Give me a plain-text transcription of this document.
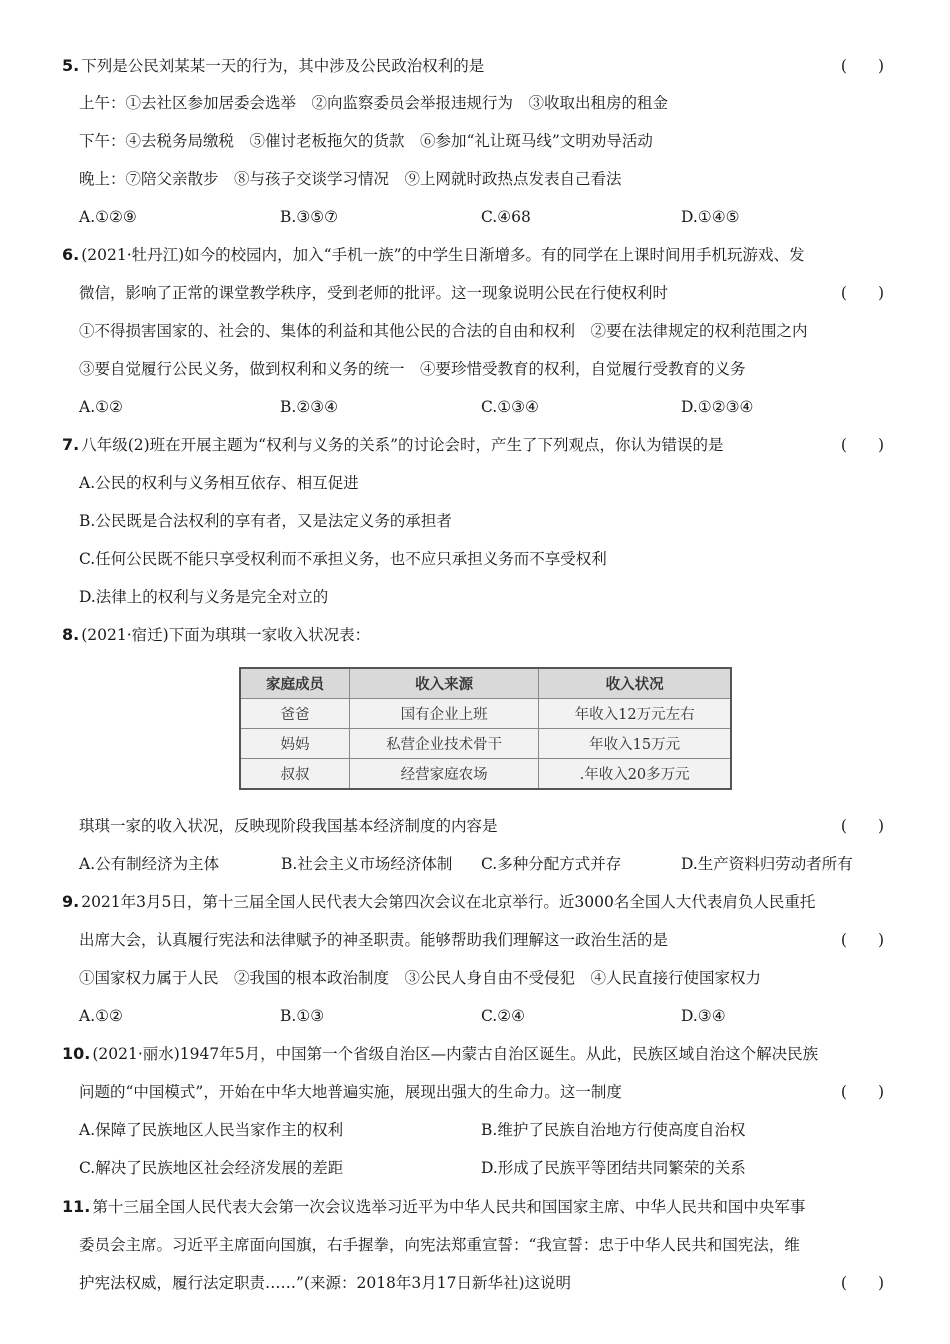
5. 下列是公民刘某某一天的行为，其中涉及公民政治权利的是	(　　)
上午：①去社区参加居委会选举　②向监察委员会举报违规行为　③收取出租房的租金
下午：④去税务局缴税　⑤催讨老板拖欠的货款　⑥参加“礼让斑马线”文明劝导活动
晚上：⑦陪父亲散步　⑧与孩子交谈学习情况　⑨上网就时政热点发表自己看法
A.①②⑨	B.③⑤⑦	C.④68	D.①④⑤
6. (2021·牡丹江)如今的校园内，加入“手机一族”的中学生日渐增多。有的同学在上课时间用手机玩游戏、发
微信，影响了正常的课堂教学秩序，受到老师的批评。这一现象说明公民在行使权利时	(　　)
①不得损害国家的、社会的、集体的利益和其他公民的合法的自由和权利　②要在法律规定的权利范围之内
③要自觉履行公民义务，做到权利和义务的统一　④要珍惜受教育的权利，自觉履行受教育的义务
A.①②	B.②③④	C.①③④	D.①②③④
7. 八年级(2)班在开展主题为“权利与义务的关系”的讨论会时，产生了下列观点，你认为错误的是	(　　)
A.公民的权利与义务相互依存、相互促进
B.公民既是合法权利的享有者，又是法定义务的承担者
C.任何公民既不能只享受权利而不承担义务，也不应只承担义务而不享受权利
D.法律上的权利与义务是完全对立的
8. (2021·宿迁)下面为琪琪一家收入状况表：
家庭成员	收入来源	收入状况
爸爸	国有企业上班	年收入12万元左右
妈妈	私营企业技术骨干	年收入15万元
叔叔	经营家庭农场	.年收入20多万元
琪琪一家的收入状况，反映现阶段我国基本经济制度的内容是	(　　)
A.公有制经济为主体	B.社会主义市场经济体制 C.多种分配方式并存	D.生产资料归劳动者所有
9. 2021年3月5日，第十三届全国人民代表大会第四次会议在北京举行。近3000名全国人大代表肩负人民重托
出席大会，认真履行宪法和法律赋予的神圣职责。能够帮助我们理解这一政治生活的是	(　　)
①国家权力属于人民　②我国的根本政治制度　③公民人身自由不受侵犯　④人民直接行使国家权力
A.①②	B.①③	C.②④	D.③④
10. (2021·丽水)1947年5月，中国第一个省级自治区—内蒙古自治区诞生。从此，民族区域自治这个解决民族
问题的“中国模式”，开始在中华大地普遍实施，展现出强大的生命力。这一制度	(　　)
A.保障了民族地区人民当家作主的权利	B.维护了民族自治地方行使高度自治权
C.解决了民族地区社会经济发展的差距	D.形成了民族平等团结共同繁荣的关系
11. 第十三届全国人民代表大会第一次会议选举习近平为中华人民共和国国家主席、中华人民共和国中央军事
委员会主席。习近平主席面向国旗，右手握拳，向宪法郑重宣誓：“我宣誓：忠于中华人民共和国宪法，维
护宪法权威，履行法定职责……”(来源：2018年3月17日新华社)这说明	(　　)
